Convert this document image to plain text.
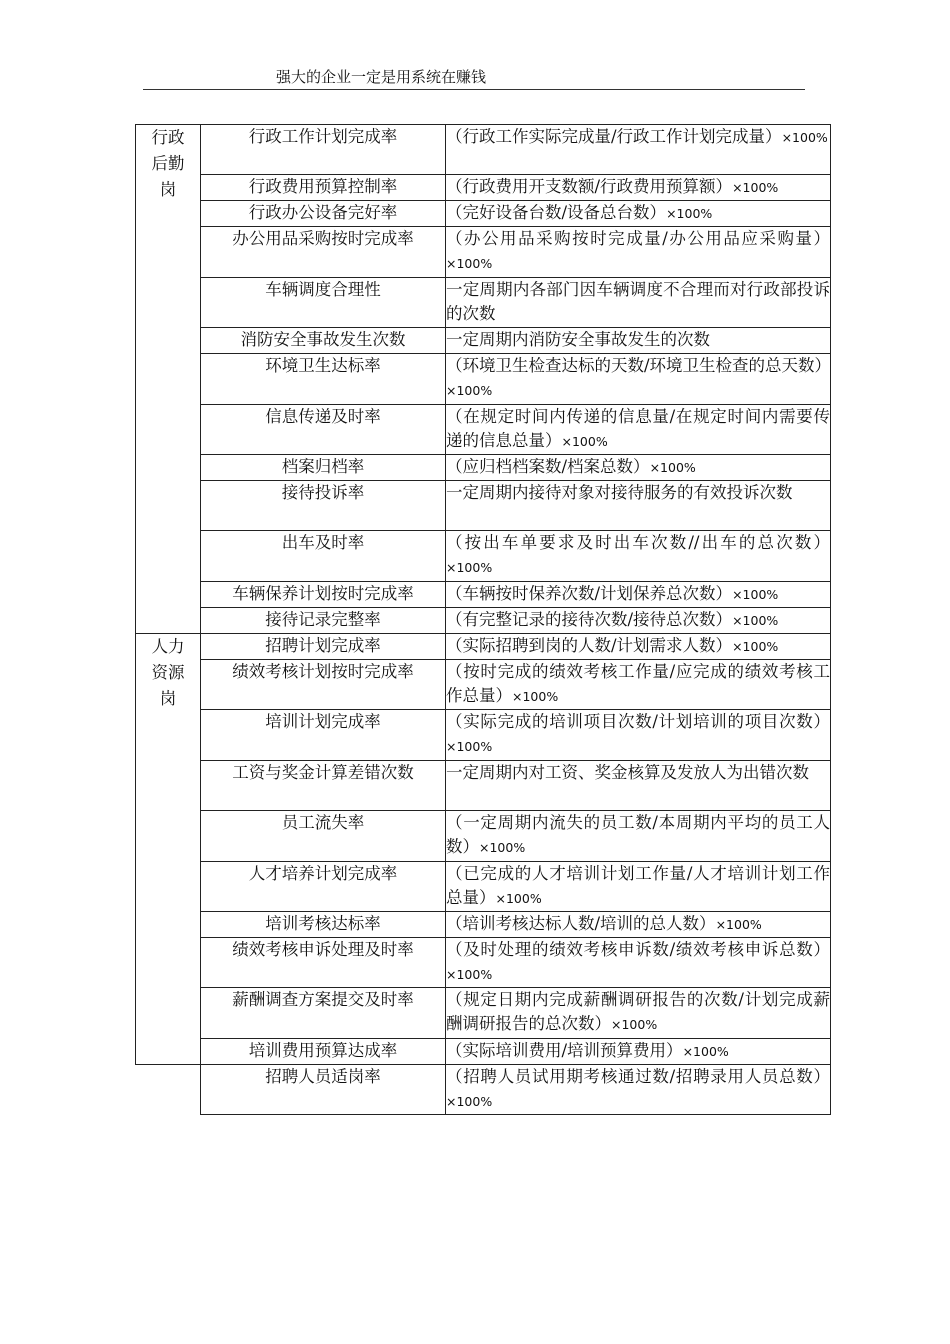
强大的企业一定是用系统在赚钱
行政
后勤
岗	行政工作计划完成率	（行政工作实际完成量/行政工作计划完成量）×100%
	行政费用预算控制率	（行政费用开支数额/行政费用预算额）×100%
	行政办公设备完好率	（完好设备台数/设备总台数）×100%
	办公用品采购按时完成率	（办公用品采购按时完成量/办公用品应采购量）×100%
	车辆调度合理性	一定周期内各部门因车辆调度不合理而对行政部投诉的次数
	消防安全事故发生次数	一定周期内消防安全事故发生的次数
	环境卫生达标率	（环境卫生检查达标的天数/环境卫生检查的总天数）×100%
	信息传递及时率	（在规定时间内传递的信息量/在规定时间内需要传递的信息总量）×100%
	档案归档率	（应归档档案数/档案总数）×100%
	接待投诉率	一定周期内接待对象对接待服务的有效投诉次数
	出车及时率	（按出车单要求及时出车次数//出车的总次数）×100%
	车辆保养计划按时完成率	（车辆按时保养次数/计划保养总次数）×100%
	接待记录完整率	（有完整记录的接待次数/接待总次数）×100%

人力
资源
岗	招聘计划完成率	（实际招聘到岗的人数/计划需求人数）×100%
	绩效考核计划按时完成率	（按时完成的绩效考核工作量/应完成的绩效考核工作总量）×100%
	培训计划完成率	（实际完成的培训项目次数/计划培训的项目次数）×100%
	工资与奖金计算差错次数	一定周期内对工资、奖金核算及发放人为出错次数
	员工流失率	（一定周期内流失的员工数/本周期内平均的员工人数）×100%
	人才培养计划完成率	（已完成的人才培训计划工作量/人才培训计划工作总量）×100%
	培训考核达标率	（培训考核达标人数/培训的总人数）×100%
	绩效考核申诉处理及时率	（及时处理的绩效考核申诉数/绩效考核申诉总数）×100%
	薪酬调查方案提交及时率	（规定日期内完成薪酬调研报告的次数/计划完成薪酬调研报告的总次数）×100%
	培训费用预算达成率	（实际培训费用/培训预算费用）×100%
	招聘人员适岗率	（招聘人员试用期考核通过数/招聘录用人员总数）×100%
